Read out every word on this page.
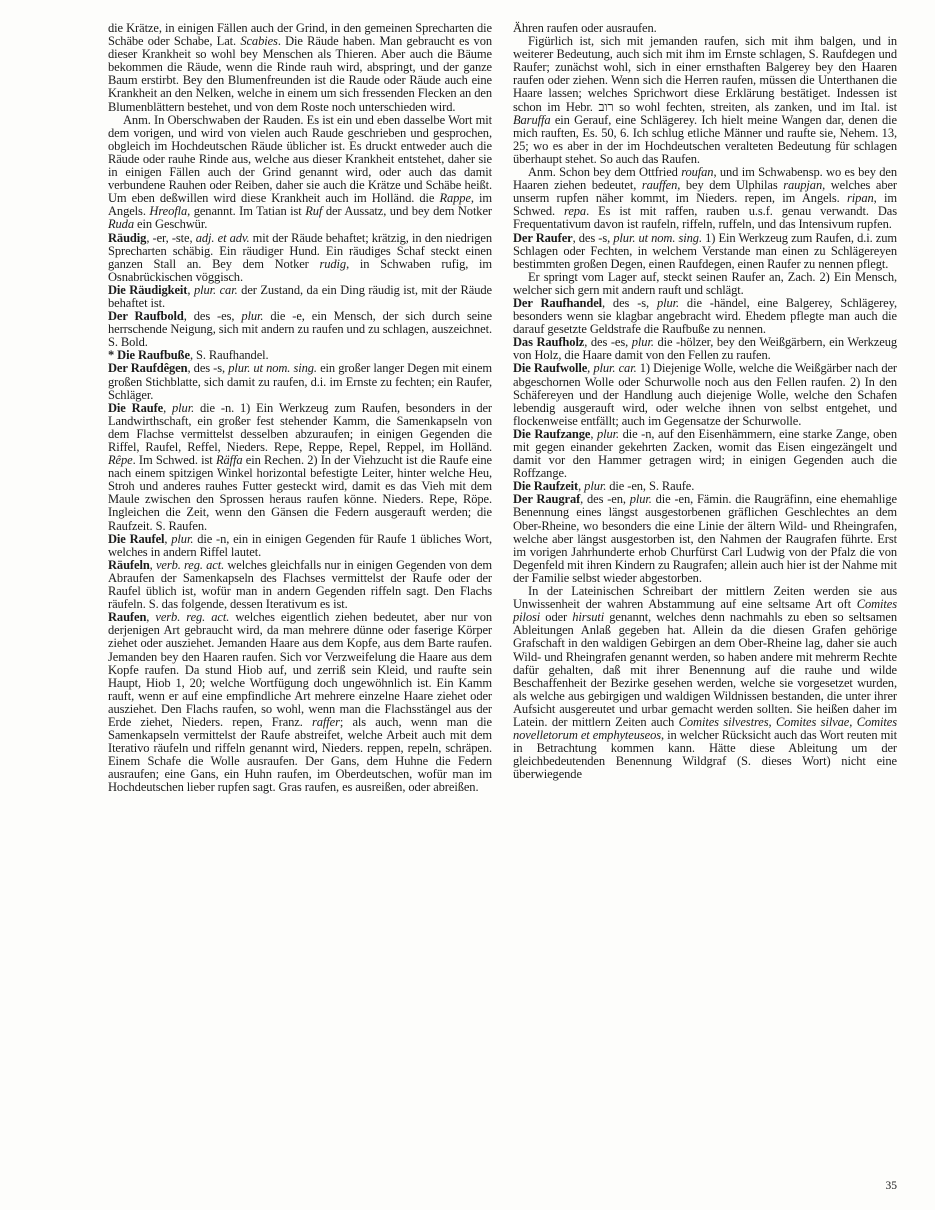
die Krätze, in einigen Fällen auch der Grind, in den gemeinen Sprecharten die Schäbe oder Schabe, Lat. Scabies. Die Räude haben. Man gebraucht es von dieser Krankheit so wohl bey Menschen als Thieren. Aber auch die Bäume bekommen die Räude, wenn die Rinde rauh wird, abspringt, und der ganze Baum erstirbt. Bey den Blumenfreunden ist die Raude oder Räude auch eine Krankheit an den Nelken, welche in einem um sich fressenden Flecken an den Blumenblättern bestehet, und von dem Roste noch unterschieden wird.

Anm. In Oberschwaben der Rauden. Es ist ein und eben dasselbe Wort mit dem vorigen, und wird von vielen auch Raude geschrieben und gesprochen, obgleich im Hochdeutschen Räude üblicher ist. Es druckt entweder auch die Räude oder rauhe Rinde aus, welche aus dieser Krankheit entstehet, daher sie in einigen Fällen auch der Grind genannt wird, oder auch das damit verbundene Rauhen oder Reiben, daher sie auch die Krätze und Schäbe heißt. Um eben deßwillen wird diese Krankheit auch im Holländ. die Rappe, im Angels. Hreofla, genannt. Im Tatian ist Ruf der Aussatz, und bey dem Notker Ruda ein Geschwür.

Räudig, -er, -ste, adj. et adv. mit der Räude behaftet; krätzig, in den niedrigen Sprecharten schäbig. Ein räudiger Hund. Ein räudiges Schaf steckt einen ganzen Stall an. Bey dem Notker rudig, in Schwaben rufig, im Osnabrückischen vöggisch.

Die Räudigkeit, plur. car. der Zustand, da ein Ding räudig ist, mit der Räude behaftet ist.

Der Raufbold, des -es, plur. die -e, ein Mensch, der sich durch seine herrschende Neigung, sich mit andern zu raufen und zu schlagen, auszeichnet. S. Bold.

* Die Raufbuße, S. Raufhandel.

Der Raufdêgen, des -s, plur. ut nom. sing. ein großer langer Degen mit einem großen Stichblatte, sich damit zu raufen, d.i. im Ernste zu fechten; ein Raufer, Schläger.

Die Raufe, plur. die -n. 1) Ein Werkzeug zum Raufen, besonders in der Landwirthschaft, ein großer fest stehender Kamm, die Samenkapseln von dem Flachse vermittelst desselben abzuraufen; in einigen Gegenden die Riffel, Raufel, Reffel, Nieders. Repe, Reppe, Repel, Reppel, im Holländ. Rêpe. Im Schwed. ist Räffa ein Rechen. 2) In der Viehzucht ist die Raufe eine nach einem spitzigen Winkel horizontal befestigte Leiter, hinter welche Heu, Stroh und anderes rauhes Futter gesteckt wird, damit es das Vieh mit dem Maule zwischen den Sprossen heraus raufen könne. Nieders. Repe, Röpe. Ingleichen die Zeit, wenn den Gänsen die Federn ausgerauft werden; die Raufzeit. S. Raufen.

Die Raufel, plur. die -n, ein in einigen Gegenden für Raufe 1 übliches Wort, welches in andern Riffel lautet.

Räufeln, verb. reg. act. welches gleichfalls nur in einigen Gegenden von dem Abraufen der Samenkapseln des Flachses vermittelst der Raufe oder der Raufel üblich ist, wofür man in andern Gegenden riffeln sagt. Den Flachs räufeln. S. das folgende, dessen Iterativum es ist.

Raufen, verb. reg. act. welches eigentlich ziehen bedeutet, aber nur von derjenigen Art gebraucht wird, da man mehrere dünne oder faserige Körper ziehet oder ausziehet. Jemanden Haare aus dem Kopfe, aus dem Barte raufen. Jemanden bey den Haaren raufen. Sich vor Verzweifelung die Haare aus dem Kopfe raufen. Da stund Hiob auf, und zerriß sein Kleid, und raufte sein Haupt, Hiob 1, 20; welche Wortfügung doch ungewöhnlich ist. Ein Kamm rauft, wenn er auf eine empfindliche Art mehrere einzelne Haare ziehet oder ausziehet. Den Flachs raufen, so wohl, wenn man die Flachsstängel aus der Erde ziehet, Nieders. repen, Franz. raffer; als auch, wenn man die Samenkapseln vermittelst der Raufe abstreifet, welche Arbeit auch mit dem Iterativo räufeln und riffeln genannt wird, Nieders. reppen, repeln, schräpen. Einem Schafe die Wolle ausraufen. Der Gans, dem Huhne die Federn ausraufen; eine Gans, ein Huhn raufen, im Oberdeutschen, wofür man im Hochdeutschen lieber rupfen sagt. Gras raufen, es ausreißen, oder abreißen.

Ähren raufen oder ausraufen.

Figürlich ist, sich mit jemanden raufen, sich mit ihm balgen, und in weiterer Bedeutung, auch sich mit ihm im Ernste schlagen, S. Raufdegen und Raufer; zunächst wohl, sich in einer ernsthaften Balgerey bey den Haaren raufen oder ziehen. Wenn sich die Herren raufen, müssen die Unterthanen die Haare lassen; welches Sprichwort diese Erklärung bestätiget. Indessen ist schon im Hebr. רוב so wohl fechten, streiten, als zanken, und im Ital. ist Baruffa ein Gerauf, eine Schlägerey. Ich hielt meine Wangen dar, denen die mich rauften, Es. 50, 6. Ich schlug etliche Männer und raufte sie, Nehem. 13, 25; wo es aber in der im Hochdeutschen veralteten Bedeutung für schlagen überhaupt stehet. So auch das Raufen.

Anm. Schon bey dem Ottfried roufan, und im Schwabensp. wo es bey den Haaren ziehen bedeutet, rauffen, bey dem Ulphilas raupjan, welches aber unserm rupfen näher kommt, im Nieders. repen, im Angels. ripan, im Schwed. repa. Es ist mit raffen, rauben u.s.f. genau verwandt. Das Frequentativum davon ist raufeln, riffeln, ruffeln, und das Intensivum rupfen.

Der Raufer, des -s, plur. ut nom. sing. 1) Ein Werkzeug zum Raufen, d.i. zum Schlagen oder Fechten, in welchem Verstande man einen zu Schlägereyen bestimmten großen Degen, einen Raufdegen, einen Raufer zu nennen pflegt.

Er springt vom Lager auf, steckt seinen Raufer an, Zach. 2) Ein Mensch, welcher sich gern mit andern rauft und schlägt.

Der Raufhandel, des -s, plur. die -händel, eine Balgerey, Schlägerey, besonders wenn sie klagbar angebracht wird. Ehedem pflegte man auch die darauf gesetzte Geldstrafe die Raufbuße zu nennen.

Das Raufholz, des -es, plur. die -hölzer, bey den Weißgärbern, ein Werkzeug von Holz, die Haare damit von den Fellen zu raufen.

Die Raufwolle, plur. car. 1) Diejenige Wolle, welche die Weißgärber nach der abgeschornen Wolle oder Schurwolle noch aus den Fellen raufen. 2) In den Schäfereyen und der Handlung auch diejenige Wolle, welche den Schafen lebendig ausgerauft wird, oder welche ihnen von selbst entgehet, und flockenweise entfällt; auch im Gegensatze der Schurwolle.

Die Raufzange, plur. die -n, auf den Eisenhämmern, eine starke Zange, oben mit gegen einander gekehrten Zacken, womit das Eisen eingezängelt und damit vor den Hammer getragen wird; in einigen Gegenden auch die Roffzange.

Die Raufzeit, plur. die -en, S. Raufe.

Der Raugraf, des -en, plur. die -en, Fämin. die Raugräfinn, eine ehemahlige Benennung eines längst ausgestorbenen gräflichen Geschlechtes an dem Ober-Rheine, wo besonders die eine Linie der ältern Wild- und Rheingrafen, welche aber längst ausgestorben ist, den Nahmen der Raugrafen führte. Erst im vorigen Jahrhunderte erhob Churfürst Carl Ludwig von der Pfalz die von Degenfeld mit ihren Kindern zu Raugrafen; allein auch hier ist der Nahme mit der Familie selbst wieder abgestorben.

In der Lateinischen Schreibart der mittlern Zeiten werden sie aus Unwissenheit der wahren Abstammung auf eine seltsame Art oft Comites pilosi oder hirsuti genannt, welches denn nachmahls zu eben so seltsamen Ableitungen Anlaß gegeben hat. Allein da die diesen Grafen gehörige Grafschaft in den waldigen Gebirgen an dem Ober-Rheine lag, daher sie auch Wild- und Rheingrafen genannt werden, so haben andere mit mehrerm Rechte dafür gehalten, daß mit ihrer Benennung auf die rauhe und wilde Beschaffenheit der Bezirke gesehen werden, welche sie vorgesetzet wurden, als welche aus gebirgigen und waldigen Wildnissen bestanden, die unter ihrer Aufsicht ausgereutet und urbar gemacht werden sollten. Sie heißen daher im Latein. der mittlern Zeiten auch Comites silvestres, Comites silvae, Comites novelletorum et emphyteuseos, in welcher Rücksicht auch das Wort reuten mit in Betrachtung kommen kann. Hätte diese Ableitung um der gleichbedeutenden Benennung Wildgraf (S. dieses Wort) nicht eine überwiegende

35
